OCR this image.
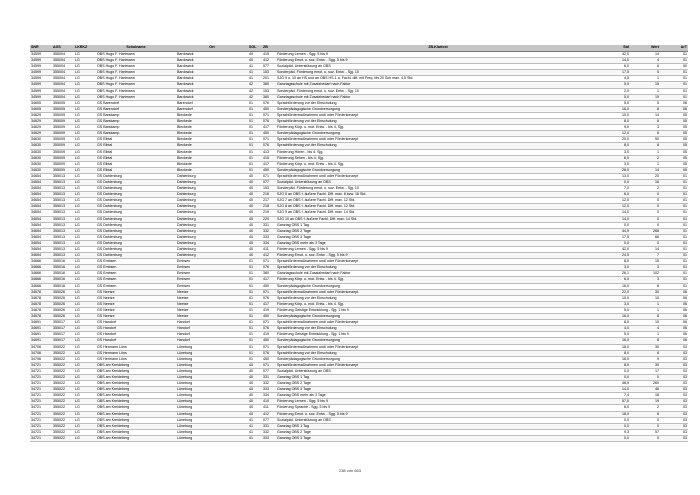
SNR	AGS	LKRKZ	Schulname	Ort	SGL	ZB	ZB-Klartext	Std	Wert	ArT
34599	355004	LG	OBS Hugo F. Hartmann	Bardowick	40	415	Förderung Lernen - Sgg. 5 bis 9	42,0	14	01
34599	355004	LG	OBS Hugo F. Hartmann	Bardowick	40	412	Förderung Emot. u. soz. Entw. - Sgg. 5 bis 9	14,0	4	01
34599	355004	LG	OBS Hugo F. Hartmann	Bardowick	41	077	Sozialpäd. Unterstützung an OBS	6,0	6	00
34599	355004	LG	OBS Hugo F. Hartmann	Bardowick	41	153	Sonderpäd. Förderung emot. u. soz. Entw. - Sjg. 10	17,5	5	01
34599	355004	LG	OBS Hugo F. Hartmann	Bardowick	41	201	SJG 9 u. 10 an HS und an OBS HS-1 a. Fachl. diff. mit Freq. bis 20 Sch max. 4,5 Std.	4,5	1	01
34599	355004	LG	OBS Hugo F. Hartmann	Bardowick	42	380	Ganztagsschule mit Zusatzbedarf nach Faktor	5,0	15	01
34599	355004	LG	OBS Hugo F. Hartmann	Bardowick	42	153	Sonderpäd. Förderung emot. u. soz. Entw. - Sjg. 10	2,0	1	01
34599	355004	LG	OBS Hugo F. Hartmann	Bardowick	42	380	Ganztagsschule mit Zusatzbedarf nach Faktor	5,0	15	01
34605	355005	LG	GS Barendorf	Barendorf	01	076	Sprachförderung vor der Einschulung	5,0	5	06
34605	355005	LG	GS Barendorf	Barendorf	01	450	Sonderpädagogische Grundversorgung	16,0	8	06
34629	355009	LG	GS Barskamp	Bleckede	01	071	Sprachfördermaßnahmen und/ oder Förderkonzept	10,0	14	05
34629	355009	LG	GS Barskamp	Bleckede	01	076	Sprachförderung vor der Einschulung	8,0	8	05
34629	355009	LG	GS Barskamp	Bleckede	01	417	Förderung Körp. u. mot. Entw. - bis 4. Sjg.	9,0	3	05
34629	355009	LG	GS Barskamp	Bleckede	01	450	Sonderpädagogische Grundversorgung	12,0	6	05
34630	355009	LG	GS Elbtal	Bleckede	01	071	Sprachfördermaßnahmen und/ oder Förderkonzept	20,0	50	05
34630	355009	LG	GS Elbtal	Bleckede	01	076	Sprachförderung vor der Einschulung	8,0	8	05
34630	355009	LG	GS Elbtal	Bleckede	01	413	Förderung Hören - bis 4. Sjg.	3,0	1	05
34630	355009	LG	GS Elbtal	Bleckede	01	415	Förderung Sehen - bis 4. Sjg.	6,0	2	05
34630	355009	LG	GS Elbtal	Bleckede	01	417	Förderung Körp. u. mot. Entw. - bis 4. Sjg.	3,0	1	05
34630	355009	LG	GS Elbtal	Bleckede	01	450	Sonderpädagogische Grundversorgung	28,0	14	05
34654	355013	LG	GS Dahlenburg	Dahlenburg	40	071	Sprachfördermaßnahmen und/ oder Förderkonzept	13,0	20	01
34654	355013	LG	GS Dahlenburg	Dahlenburg	40	077	Sozialpäd. Unterstützung an OBS	0,0	16	01
34654	355013	LG	GS Dahlenburg	Dahlenburg	40	153	Sonderpäd. Förderung emot. u. soz. Entw. - Sjg. 10	7,0	2	01
34654	355013	LG	GS Dahlenburg	Dahlenburg	40	216	SJG 5 an OBS f. äußere Fachl. Diff. max. 8 bzw. 16 Std.	6,0	0	01
34654	355013	LG	GS Dahlenburg	Dahlenburg	40	217	SJG 7 an OBS f. äußere Fachl. Diff. max. 12 Std.	12,0	0	01
34654	355013	LG	GS Dahlenburg	Dahlenburg	40	218	SJG 8 an OBS f. äußere Fachl. Diff. max. 12 Std.	12,0	0	01
34654	355013	LG	GS Dahlenburg	Dahlenburg	40	219	SJG 9 an OBS f. äußere Fachl. Diff. max. 14 Std.	14,0	0	01
34654	355013	LG	GS Dahlenburg	Dahlenburg	40	220	SJG 10 an OBS f. äußere Fachl. Diff. max. 14 Std.	14,0	0	01
34654	355013	LG	GS Dahlenburg	Dahlenburg	40	331	Ganztag OBS 1 Tag	0,0	0	01
34654	355013	LG	GS Dahlenburg	Dahlenburg	40	332	Ganztag OBS 2 Tage	44,9	266	01
34654	355013	LG	GS Dahlenburg	Dahlenburg	40	333	Ganztag OBS 3 Tage	17,5	66	01
34654	355013	LG	GS Dahlenburg	Dahlenburg	40	334	Ganztag OBS mehr als 3 Tage	0,0	0	01
34654	355013	LG	GS Dahlenburg	Dahlenburg	40	411	Förderung Lernen - Sgg. 5 bis 9	42,0	14	01
34654	355013	LG	GS Dahlenburg	Dahlenburg	40	412	Förderung Emot. u. soz. Entw. - Sgg. 5 bis 9	24,5	7	01
34666	355016	LG	GS Embsen	Embsen	01	071	Sprachfördermaßnahmen und/ oder Förderkonzept	8,0	15	01
34666	355016	LG	GS Embsen	Embsen	01	076	Sprachförderung vor der Einschulung	3,0	3	01
34666	355016	LG	GS Embsen	Embsen	01	380	Ganztagsschule mit Zusatzbedarf nach Faktor	26,1	102	01
34666	355016	LG	GS Embsen	Embsen	01	417	Förderung Körp. u. mot. Entw. - bis 4. Sjg.	6,0	3	01
34666	355016	LG	GS Embsen	Embsen	01	450	Sonderpädagogische Grundversorgung	16,0	8	01
34678	355026	LG	GS Neetze	Neetze	01	071	Sprachfördermaßnahmen und/ oder Förderkonzept	22,0	30	06
34678	355026	LG	GS Neetze	Neetze	01	076	Sprachförderung vor der Einschulung	10,0	10	06
34678	355026	LG	GS Neetze	Neetze	01	417	Förderung Körp. u. mot. Entw. - bis 4. Sjg.	3,0	1	06
34678	355026	LG	GS Neetze	Neetze	01	419	Förderung Geistige Entwicklung - Sjg. 1 bis 9	5,0	1	06
34678	355026	LG	GS Neetze	Neetze	01	450	Sonderpädagogische Grundversorgung	16,0	8	06
34691	355017	LG	GS Handorf	Handorf	01	071	Sprachfördermaßnahmen und/ oder Förderkonzept	8,0	10	06
34691	355017	LG	GS Handorf	Handorf	01	076	Sprachförderung vor der Einschulung	4,0	4	06
34691	355017	LG	GS Handorf	Handorf	01	419	Förderung Geistige Entwicklung - Sjg. 1 bis 9	5,0	1	06
34691	355017	LG	GS Handorf	Handorf	01	450	Sonderpädagogische Grundversorgung	16,0	8	06
34706	355022	LG	GS Hermann Löns	Lüneburg	01	071	Sprachfördermaßnahmen und/ oder Förderkonzept	18,0	30	03
34706	355022	LG	GS Hermann Löns	Lüneburg	01	076	Sprachförderung vor der Einschulung	8,0	8	03
34706	355022	LG	GS Hermann Löns	Lüneburg	01	450	Sonderpädagogische Grundversorgung	18,0	9	03
34721	355022	LG	OBS am Kreideberg	Lüneburg	40	071	Sprachfördermaßnahmen und/ oder Förderkonzept	8,0	30	03
34721	355022	LG	OBS am Kreideberg	Lüneburg	40	077	Sozialpäd. Unterstützung an OBS	0,0	17	03
34721	355022	LG	OBS am Kreideberg	Lüneburg	40	331	Ganztag OBS 1 Tag	0,0	0	03
34721	355022	LG	OBS am Kreideberg	Lüneburg	40	332	Ganztag OBS 2 Tage	46,9	260	03
34721	355022	LG	OBS am Kreideberg	Lüneburg	40	333	Ganztag OBS 3 Tage	14,0	46	03
34721	355022	LG	OBS am Kreideberg	Lüneburg	40	334	Ganztag OBS mehr als 3 Tage	7,4	18	03
34721	355022	LG	OBS am Kreideberg	Lüneburg	40	410	Förderung Lernen - Sgg. 5 bis 9	57,0	19	03
34721	355022	LG	OBS am Kreideberg	Lüneburg	40	411	Förderung Sprache - Sgg. 5 bis 9	6,0	2	03
34721	355022	LG	OBS am Kreideberg	Lüneburg	40	412	Förderung Emot. u. soz. Entw. - Sgg. 5 bis 9	18,0	6	03
34721	355022	LG	OBS am Kreideberg	Lüneburg	41	077	Sozialpäd. Unterstützung an OBS	0,0	0	03
34721	355022	LG	OBS am Kreideberg	Lüneburg	41	331	Ganztag OBS 1 Tag	0,0	0	03
34721	355022	LG	OBS am Kreideberg	Lüneburg	41	332	Ganztag OBS 2 Tage	9,3	57	03
34721	355022	LG	OBS am Kreideberg	Lüneburg	41	333	Ganztag OBS 3 Tage	0,0	0	03
238 von 653
